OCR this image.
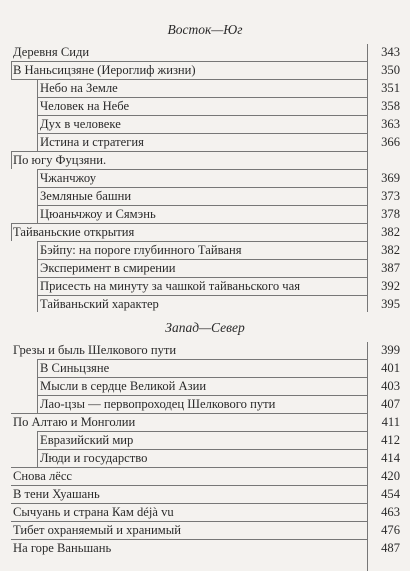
Восток—Юг
Деревня Сиди	343
В Наньсицзяне (Иероглиф жизни)	350
Небо на Земле	351
Человек на Небе	358
Дух в человеке	363
Истина и стратегия	366
По югу Фуцзяни.
Чжанчжоу	369
Земляные башни	373
Цюаньчжоу и Сямэнь	378
Тайваньские открытия	382
Бэйпу: на пороге глубинного Тайваня	382
Эксперимент в смирении	387
Присесть на минуту за чашкой тайваньского чая	392
Тайваньский характер	395
Запад—Север
Грезы и быль Шелкового пути	399
В Синьцзяне	401
Мысли в сердце Великой Азии	403
Лао-цзы — первопроходец Шелкового пути	407
По Алтаю и Монголии	411
Евразийский мир	412
Люди и государство	414
Снова лёсс	420
В тени Хуашань	454
Сычуань и страна Кам déjà vu	463
Тибет охраняемый и хранимый	476
На горе Ваньшань	487
